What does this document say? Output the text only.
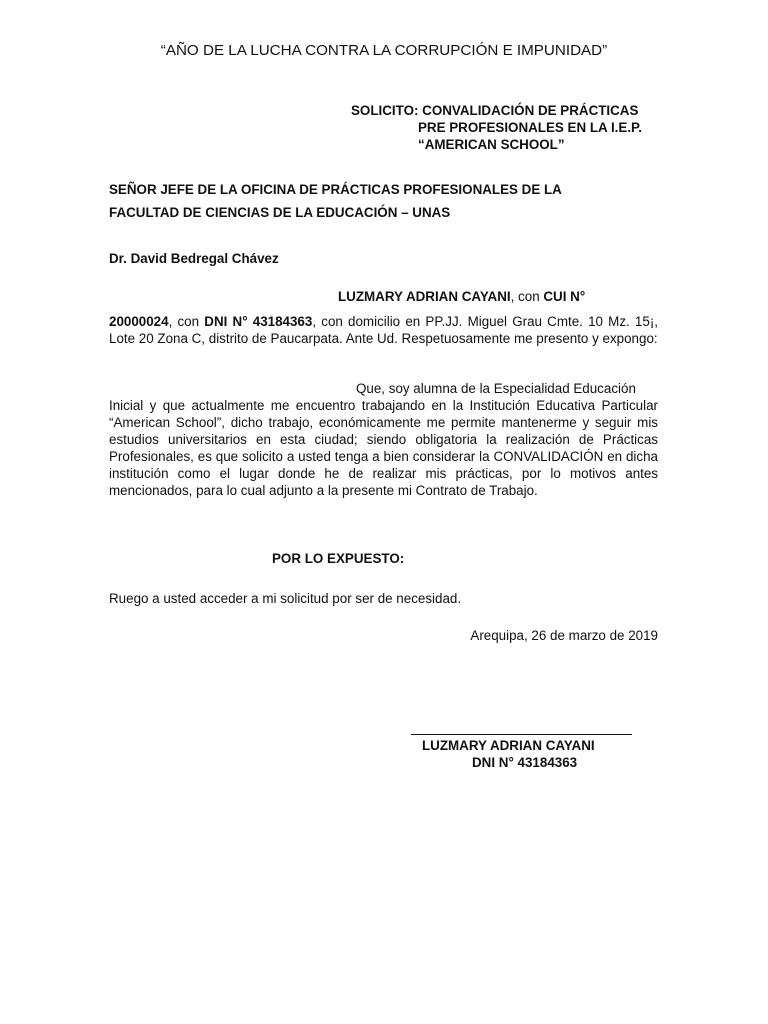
“AÑO DE LA LUCHA CONTRA LA CORRUPCIÓN E IMPUNIDAD”
SOLICITO: CONVALIDACIÓN DE PRÁCTICAS
PRE PROFESIONALES EN LA I.E.P.
“AMERICAN SCHOOL”
SEÑOR JEFE DE LA OFICINA DE PRÁCTICAS PROFESIONALES DE LA
FACULTAD DE CIENCIAS DE LA EDUCACIÓN – UNAS
Dr. David Bedregal Chávez
LUZMARY ADRIAN CAYANI, con CUI N°
20000024, con DNI N° 43184363, con domicilio en PP.JJ. Miguel Grau Cmte. 10 Mz. 15¡, Lote 20 Zona C, distrito de Paucarpata. Ante Ud. Respetuosamente me presento y expongo:
Que, soy alumna de la Especialidad Educación
Inicial y que actualmente me encuentro trabajando en la Institución Educativa Particular “American School”, dicho trabajo, económicamente me permite mantenerme y seguir mis estudios universitarios en esta ciudad; siendo obligatoria la realización de Prácticas Profesionales, es que solicito a usted tenga a bien considerar la CONVALIDACIÓN en dicha institución como el lugar donde he de realizar mis prácticas, por lo motivos antes mencionados, para lo cual adjunto a la presente mi Contrato de Trabajo.
POR LO EXPUESTO:
Ruego a usted acceder a mi solicitud por ser de necesidad.
Arequipa, 26 de marzo de 2019
LUZMARY ADRIAN CAYANI
DNI N° 43184363
